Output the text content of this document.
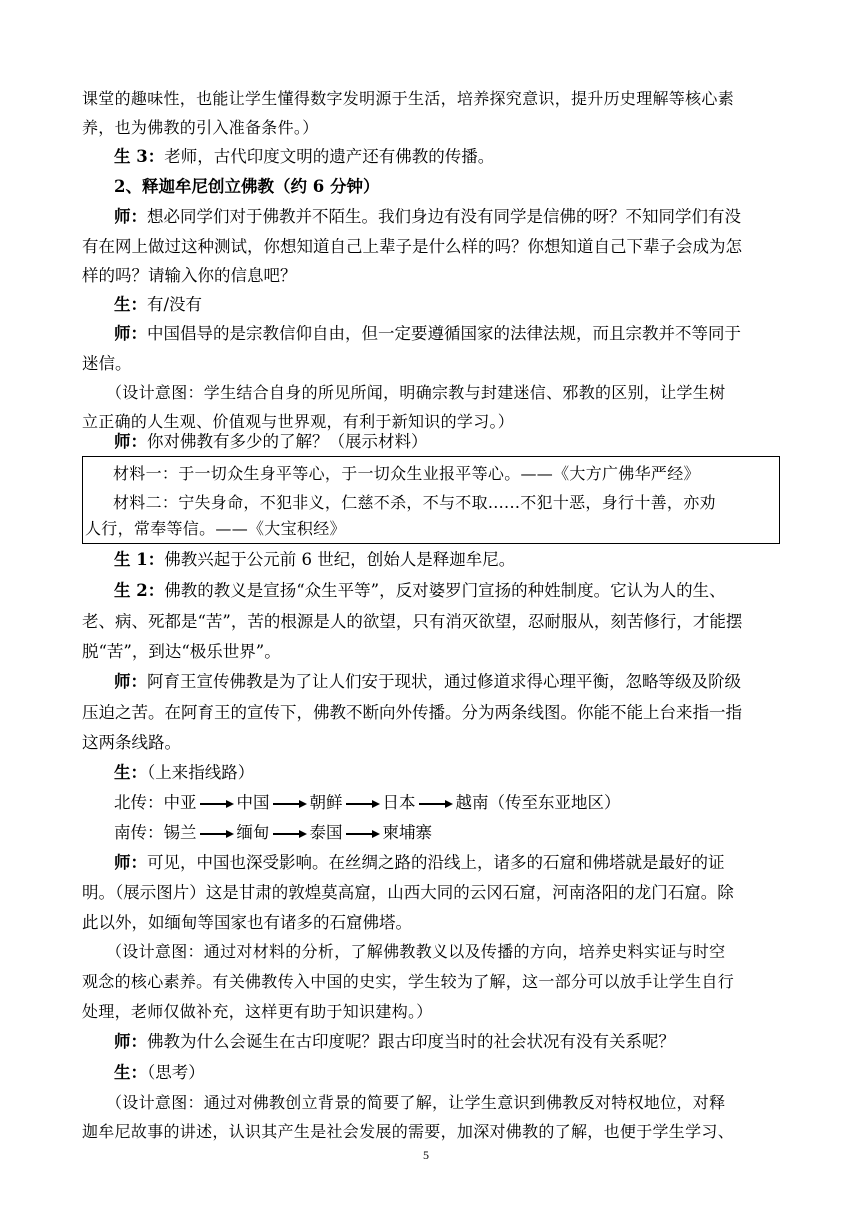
课堂的趣味性，也能让学生懂得数字发明源于生活，培养探究意识，提升历史理解等核心素
养，也为佛教的引入准备条件。）
生 3：老师，古代印度文明的遗产还有佛教的传播。
2、释迦牟尼创立佛教（约 6 分钟）
师：想必同学们对于佛教并不陌生。我们身边有没有同学是信佛的呀？不知同学们有没
有在网上做过这种测试，你想知道自己上辈子是什么样的吗？你想知道自己下辈子会成为怎
样的吗？请输入你的信息吧？
生：有/没有
师：中国倡导的是宗教信仰自由，但一定要遵循国家的法律法规，而且宗教并不等同于
迷信。
（设计意图：学生结合自身的所见所闻，明确宗教与封建迷信、邪教的区别，让学生树
立正确的人生观、价值观与世界观，有利于新知识的学习。）
师：你对佛教有多少的了解？（展示材料）
材料一：于一切众生身平等心，于一切众生业报平等心。——《大方广佛华严经》
材料二：宁失身命，不犯非义，仁慈不杀，不与不取......不犯十恶，身行十善，亦劝
人行，常奉等信。——《大宝积经》
生 1：佛教兴起于公元前 6 世纪，创始人是释迦牟尼。
生 2：佛教的教义是宣扬“众生平等”，反对婆罗门宣扬的种姓制度。它认为人的生、
老、病、死都是“苦”，苦的根源是人的欲望，只有消灭欲望，忍耐服从，刻苦修行，才能摆
脱“苦”，到达“极乐世界”。
师：阿育王宣传佛教是为了让人们安于现状，通过修道求得心理平衡，忽略等级及阶级
压迫之苦。在阿育王的宣传下，佛教不断向外传播。分为两条线图。你能不能上台来指一指
这两条线路。
生：（上来指线路）
北传：中亚 中国 朝鲜 日本 越南（传至东亚地区）
南传：锡兰 缅甸 泰国 柬埔寨
师：可见，中国也深受影响。在丝绸之路的沿线上，诸多的石窟和佛塔就是最好的证
明。（展示图片）这是甘肃的敦煌莫高窟，山西大同的云冈石窟，河南洛阳的龙门石窟。除
此以外，如缅甸等国家也有诸多的石窟佛塔。
（设计意图：通过对材料的分析，了解佛教教义以及传播的方向，培养史料实证与时空
观念的核心素养。有关佛教传入中国的史实，学生较为了解，这一部分可以放手让学生自行
处理，老师仅做补充，这样更有助于知识建构。）
师：佛教为什么会诞生在古印度呢？跟古印度当时的社会状况有没有关系呢？
生：（思考）
（设计意图：通过对佛教创立背景的简要了解，让学生意识到佛教反对特权地位，对释
迦牟尼故事的讲述，认识其产生是社会发展的需要，加深对佛教的了解，也便于学生学习、
5
